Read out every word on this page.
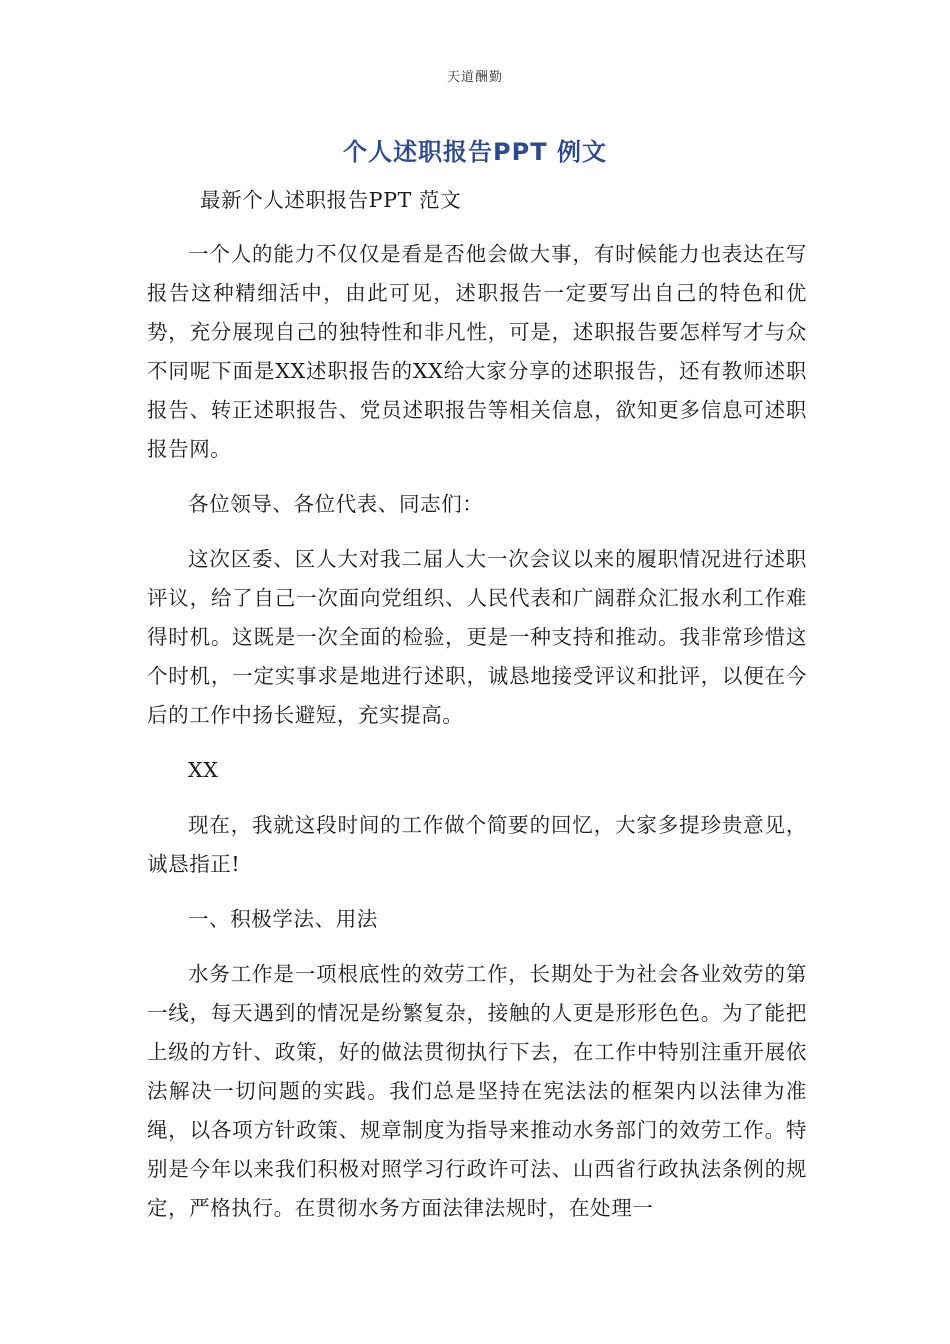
天道酬勤
个人述职报告PPT 例文

最新个人述职报告PPT 范文

一个人的能力不仅仅是看是否他会做大事，有时候能力也表达在写报告这种精细活中，由此可见，述职报告一定要写出自己的特色和优势，充分展现自己的独特性和非凡性，可是，述职报告要怎样写才与众不同呢下面是XX述职报告的XX给大家分享的述职报告，还有教师述职报告、转正述职报告、党员述职报告等相关信息，欲知更多信息可述职报告网。

各位领导、各位代表、同志们：

这次区委、区人大对我二届人大一次会议以来的履职情况进行述职评议，给了自己一次面向党组织、人民代表和广阔群众汇报水利工作难得时机。这既是一次全面的检验，更是一种支持和推动。我非常珍惜这个时机，一定实事求是地进行述职，诚恳地接受评议和批评，以便在今后的工作中扬长避短，充实提高。

XX

现在，我就这段时间的工作做个简要的回忆，大家多提珍贵意见，诚恳指正!

一、积极学法、用法

水务工作是一项根底性的效劳工作，长期处于为社会各业效劳的第一线，每天遇到的情况是纷繁复杂，接触的人更是形形色色。为了能把上级的方针、政策，好的做法贯彻执行下去，在工作中特别注重开展依法解决一切问题的实践。我们总是坚持在宪法法的框架内以法律为准绳，以各项方针政策、规章制度为指导来推动水务部门的效劳工作。特别是今年以来我们积极对照学习行政许可法、山西省行政执法条例的规定，严格执行。在贯彻水务方面法律法规时，在处理一
